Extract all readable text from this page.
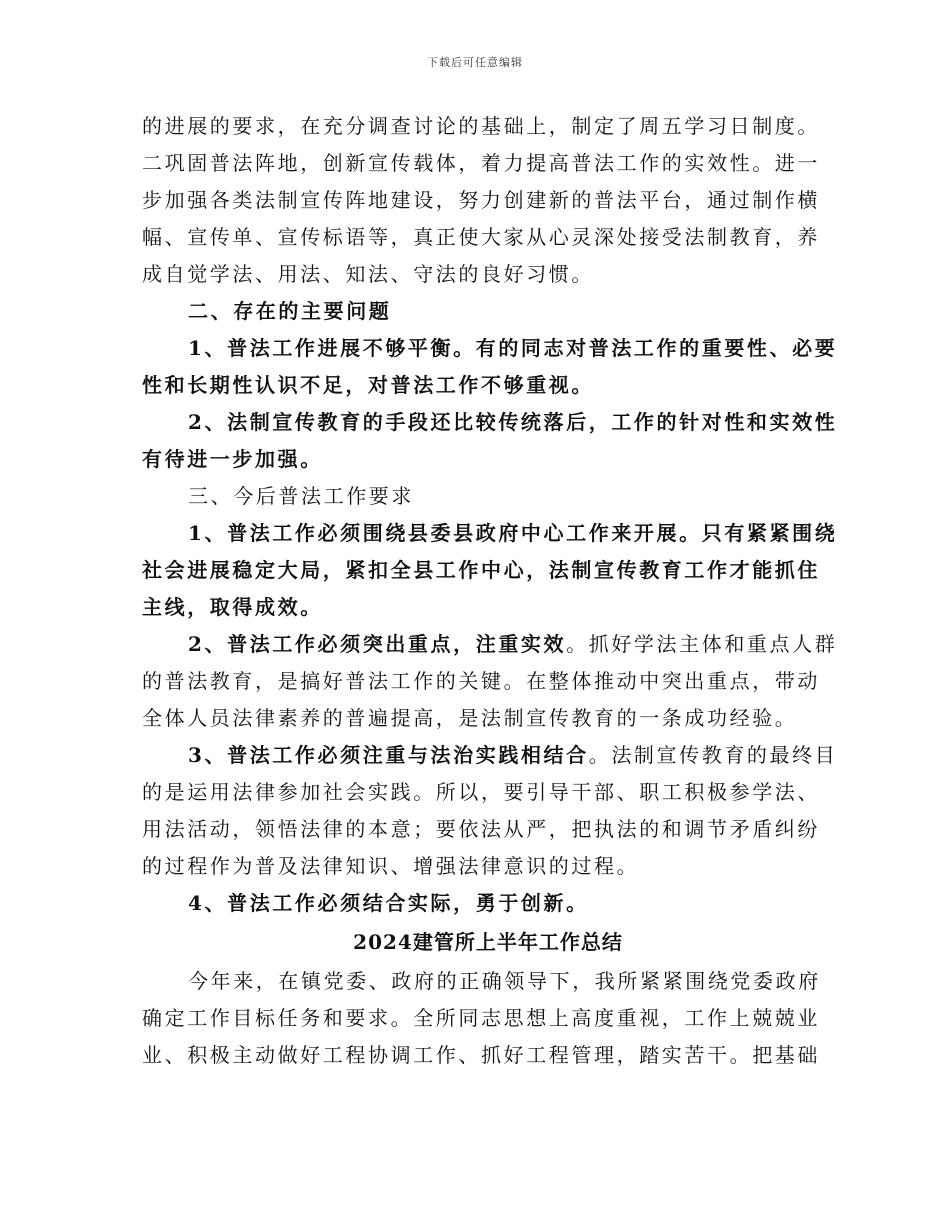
下载后可任意编辑
的进展的要求，在充分调查讨论的基础上，制定了周五学习日制度。
二巩固普法阵地，创新宣传载体，着力提高普法工作的实效性。进一
步加强各类法制宣传阵地建设，努力创建新的普法平台，通过制作横
幅、宣传单、宣传标语等，真正使大家从心灵深处接受法制教育，养
成自觉学法、用法、知法、守法的良好习惯。
二、存在的主要问题
1、普法工作进展不够平衡。有的同志对普法工作的重要性、必要
性和长期性认识不足，对普法工作不够重视。
2、法制宣传教育的手段还比较传统落后，工作的针对性和实效性
有待进一步加强。
三、今后普法工作要求
1、普法工作必须围绕县委县政府中心工作来开展。只有紧紧围绕
社会进展稳定大局，紧扣全县工作中心，法制宣传教育工作才能抓住
主线，取得成效。
2、普法工作必须突出重点，注重实效。抓好学法主体和重点人群
的普法教育，是搞好普法工作的关键。在整体推动中突出重点，带动
全体人员法律素养的普遍提高，是法制宣传教育的一条成功经验。
3、普法工作必须注重与法治实践相结合。法制宣传教育的最终目
的是运用法律参加社会实践。所以，要引导干部、职工积极参学法、
用法活动，领悟法律的本意；要依法从严，把执法的和调节矛盾纠纷
的过程作为普及法律知识、增强法律意识的过程。
4、普法工作必须结合实际，勇于创新。
2024建管所上半年工作总结
今年来，在镇党委、政府的正确领导下，我所紧紧围绕党委政府
确定工作目标任务和要求。全所同志思想上高度重视，工作上兢兢业
业、积极主动做好工程协调工作、抓好工程管理，踏实苦干。把基础
